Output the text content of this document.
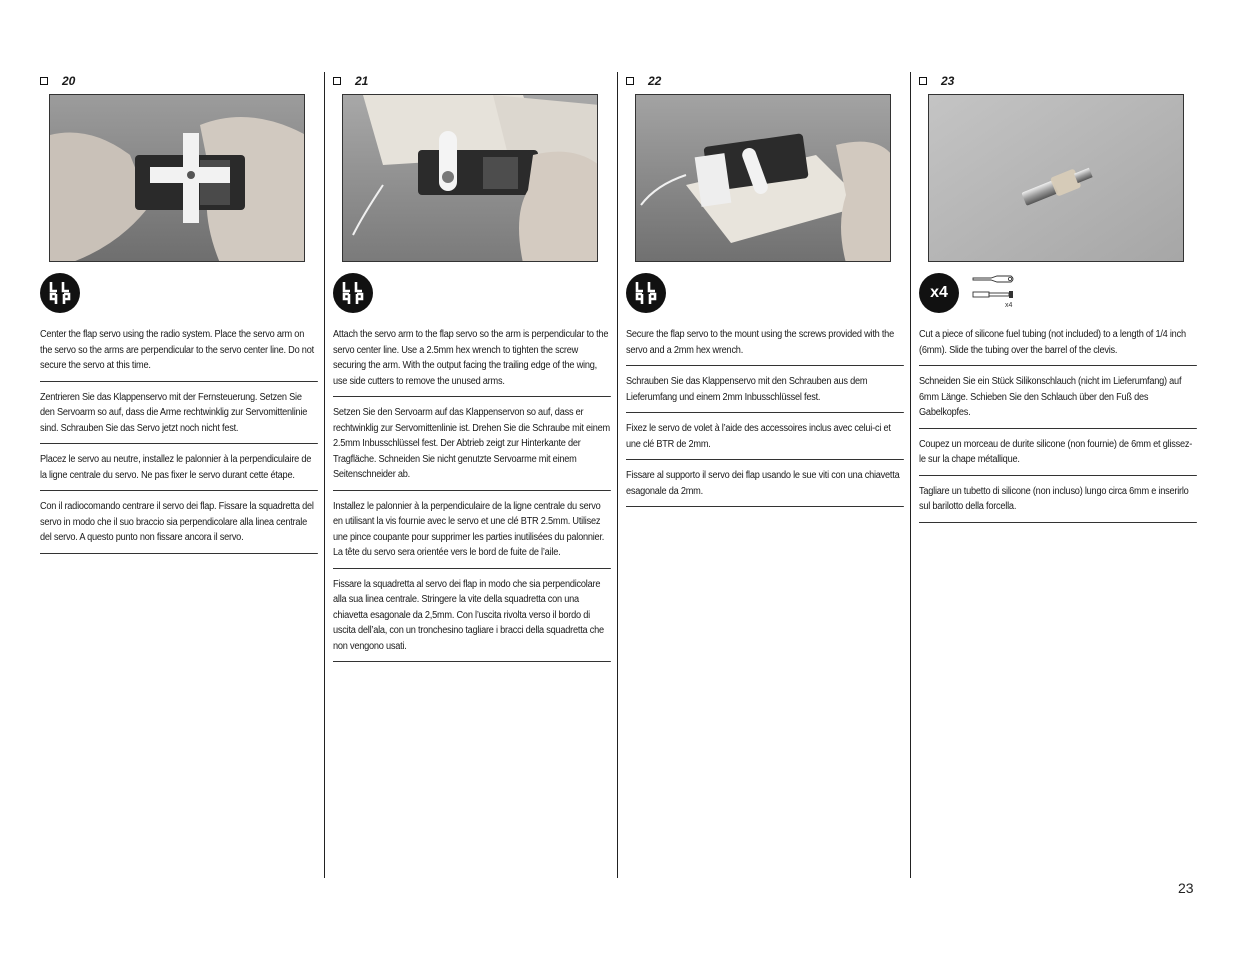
20

Center the flap servo using the radio system. Place the servo arm on the servo so the arms are perpendicular to the servo center line. Do not secure the servo at this time.

Zentrieren Sie das Klappenservo mit der Fernsteuerung. Setzen Sie den Servoarm so auf, dass die Arme rechtwinklig zur Servomittenlinie sind. Schrauben Sie das Servo jetzt noch nicht fest.

Placez le servo au neutre, installez le palonnier à la perpendiculaire de la ligne centrale du servo. Ne pas fixer le servo durant cette étape.

Con il radiocomando centrare il servo dei flap. Fissare la squadretta del servo in modo che il suo braccio sia perpendicolare alla linea centrale del servo. A questo punto non fissare ancora il servo.

21

Attach the servo arm to the flap servo so the arm is perpendicular to the servo center line. Use a 2.5mm hex wrench to tighten the screw securing the arm. With the output facing the trailing edge of the wing, use side cutters to remove the unused arms.

Setzen Sie den Servoarm auf das Klappenservon so auf, dass er rechtwinklig zur Servomittenlinie ist. Drehen Sie die Schraube mit einem 2.5mm Inbusschlüssel fest. Der Abtrieb zeigt zur Hinterkante der Tragfläche. Schneiden Sie nicht genutzte Servoarme mit einem Seitenschneider ab.

Installez le palonnier à la perpendiculaire de la ligne centrale du servo en utilisant la vis fournie avec le servo et une clé BTR 2.5mm. Utilisez une pince coupante pour supprimer les parties inutilisées du palonnier. La tête du servo sera orientée vers le bord de fuite de l’aile.

Fissare la squadretta al servo dei flap in modo che sia perpendicolare alla sua linea centrale. Stringere la vite della squadretta con una chiavetta esagonale da 2,5mm. Con l’uscita rivolta verso il bordo di uscita dell’ala, con un tronchesino tagliare i bracci della squadretta che non vengono usati.

22

Secure the flap servo to the mount using the screws provided with the servo and a 2mm hex wrench.

Schrauben Sie das Klappenservo mit den Schrauben aus dem Lieferumfang und einem 2mm Inbusschlüssel fest.

Fixez le servo de volet à l’aide des accessoires inclus avec celui-ci et une clé BTR de 2mm.

Fissare al supporto il servo dei flap usando le sue viti con una chiavetta esagonale da 2mm.

23
x4
x4

Cut a piece of silicone fuel tubing (not included) to a length of 1/4 inch (6mm). Slide the tubing over the barrel of the clevis.

Schneiden Sie ein Stück Silikonschlauch (nicht im Lieferumfang) auf 6mm Länge. Schieben Sie den Schlauch über den Fuß des Gabelkopfes.

Coupez un morceau de durite silicone (non fournie) de 6mm et glissez-le sur la chape métallique.

Tagliare un tubetto di silicone (non incluso) lungo circa 6mm e inserirlo sul barilotto della forcella.

23
